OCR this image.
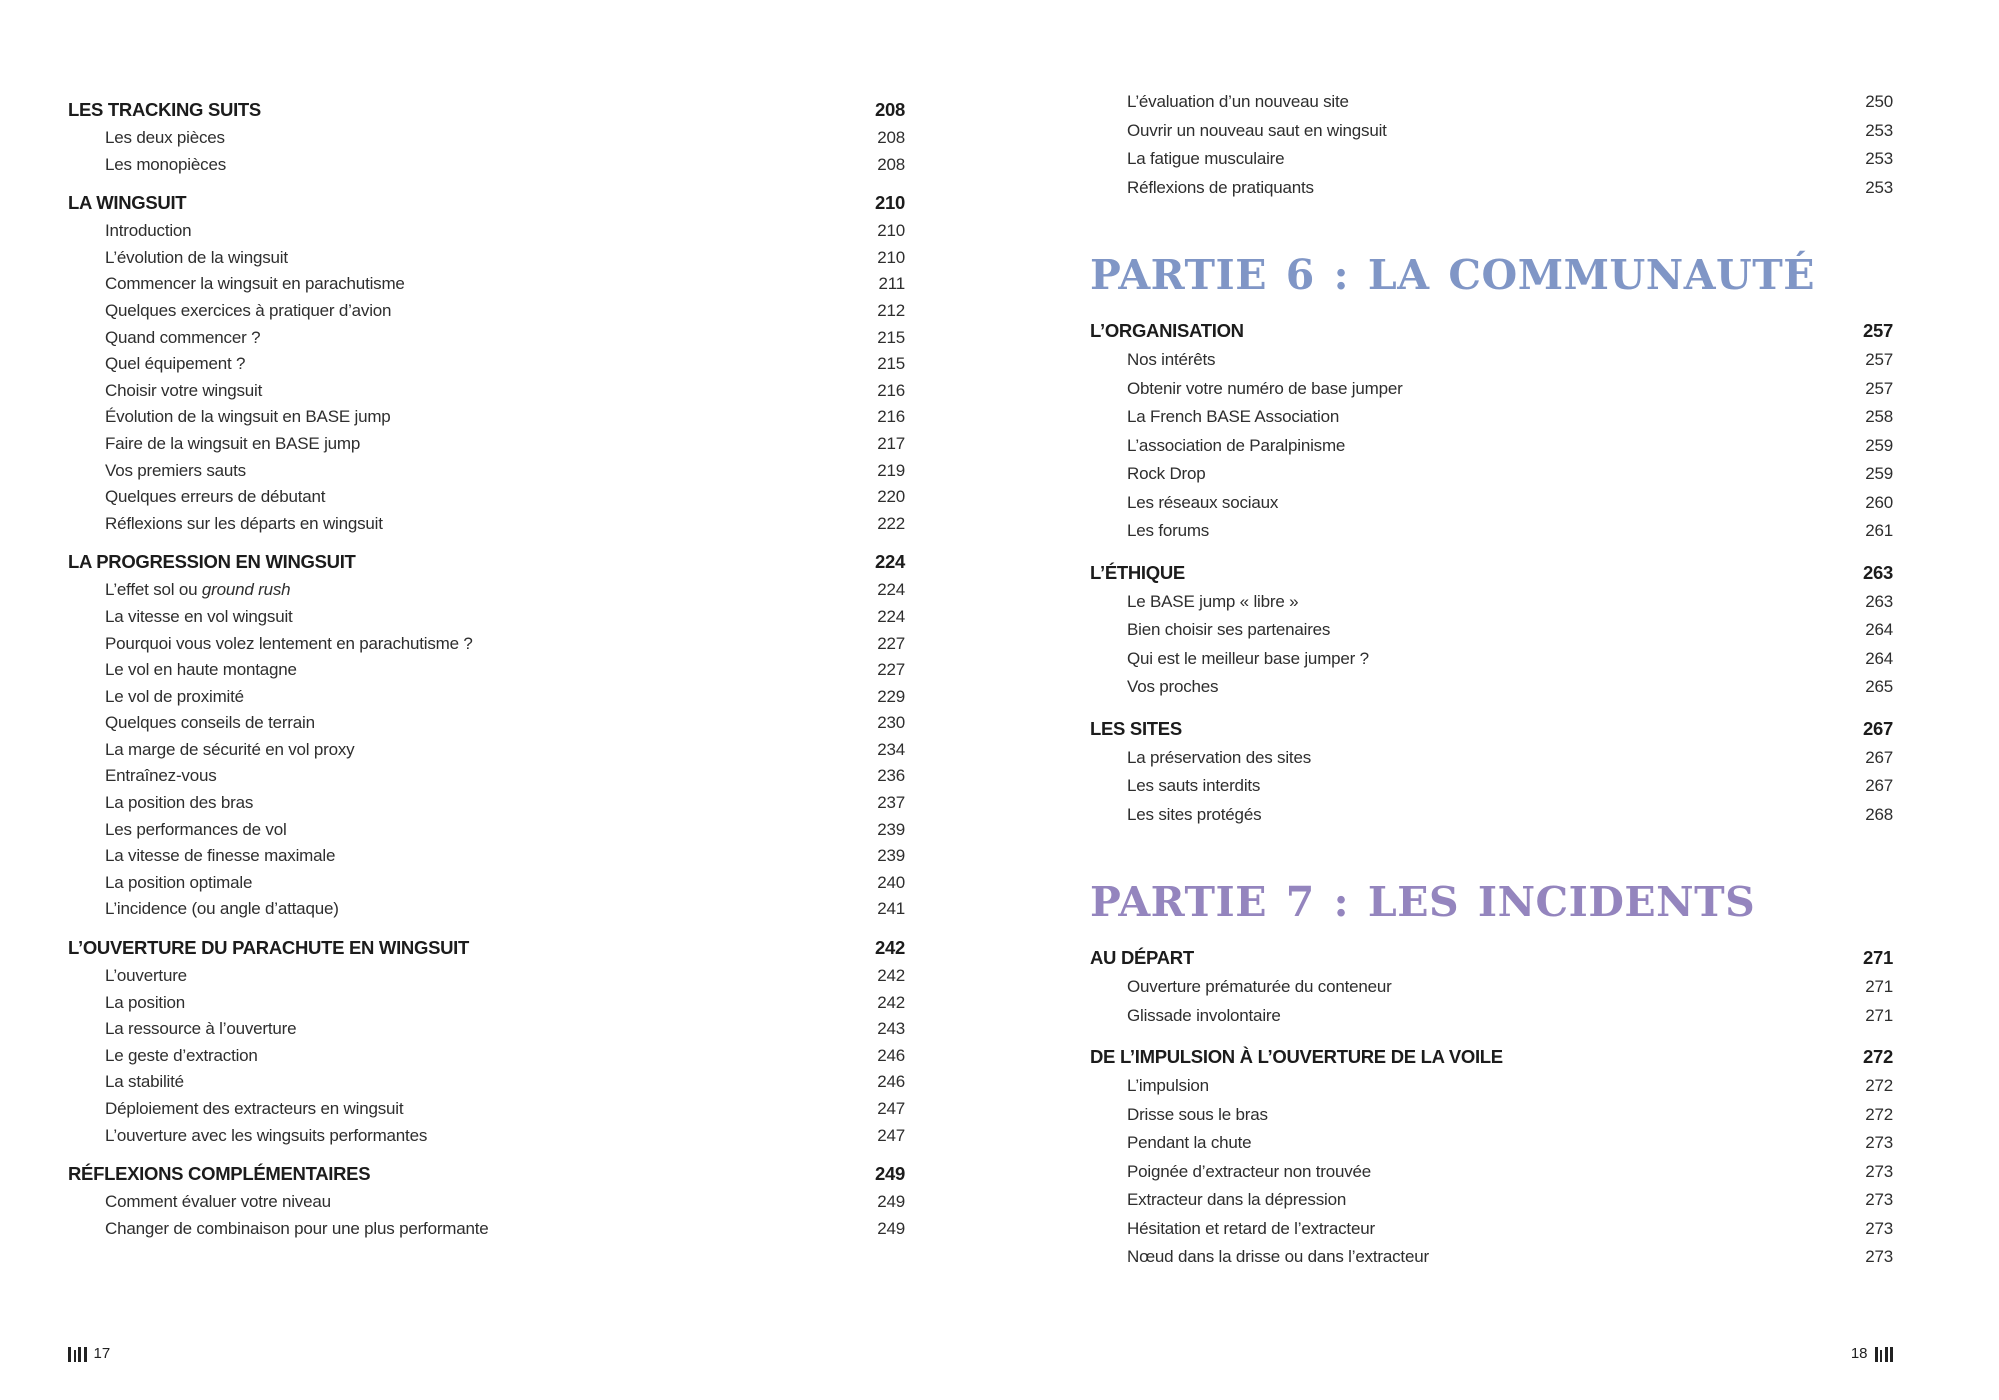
LES TRACKING SUITS	208
Les deux pièces	208
Les monopièces	208
LA WINGSUIT	210
Introduction	210
L’évolution de la wingsuit	210
Commencer la wingsuit en parachutisme	211
Quelques exercices à pratiquer d’avion	212
Quand commencer ?	215
Quel équipement ?	215
Choisir votre wingsuit	216
Évolution de la wingsuit en BASE jump	216
Faire de la wingsuit en BASE jump	217
Vos premiers sauts	219
Quelques erreurs de débutant	220
Réflexions sur les départs en wingsuit	222
LA PROGRESSION EN WINGSUIT	224
L’effet sol ou ground rush	224
La vitesse en vol wingsuit	224
Pourquoi vous volez lentement en parachutisme ?	227
Le vol en haute montagne	227
Le vol de proximité	229
Quelques conseils de terrain	230
La marge de sécurité en vol proxy	234
Entraînez-vous	236
La position des bras	237
Les performances de vol	239
La vitesse de finesse maximale	239
La position optimale	240
L’incidence (ou angle d’attaque)	241
L’OUVERTURE DU PARACHUTE EN WINGSUIT	242
L’ouverture	242
La position	242
La ressource à l’ouverture	243
Le geste d’extraction	246
La stabilité	246
Déploiement des extracteurs en wingsuit	247
L’ouverture avec les wingsuits performantes	247
RÉFLEXIONS COMPLÉMENTAIRES	249
Comment évaluer votre niveau	249
Changer de combinaison pour une plus performante	249
17
L’évaluation d’un nouveau site	250
Ouvrir un nouveau saut en wingsuit	253
La fatigue musculaire	253
Réflexions de pratiquants	253
PARTIE 6 : LA COMMUNAUTÉ
L’ORGANISATION	257
Nos intérêts	257
Obtenir votre numéro de base jumper	257
La French BASE Association	258
L’association de Paralpinisme	259
Rock Drop	259
Les réseaux sociaux	260
Les forums	261
L’ÉTHIQUE	263
Le BASE jump « libre »	263
Bien choisir ses partenaires	264
Qui est le meilleur base jumper ?	264
Vos proches	265
LES SITES	267
La préservation des sites	267
Les sauts interdits	267
Les sites protégés	268
PARTIE 7 : LES INCIDENTS
AU DÉPART	271
Ouverture prématurée du conteneur	271
Glissade involontaire	271
DE L’IMPULSION À L’OUVERTURE DE LA VOILE	272
L’impulsion	272
Drisse sous le bras	272
Pendant la chute	273
Poignée d’extracteur non trouvée	273
Extracteur dans la dépression	273
Hésitation et retard de l’extracteur	273
Nœud dans la drisse ou dans l’extracteur	273
18
